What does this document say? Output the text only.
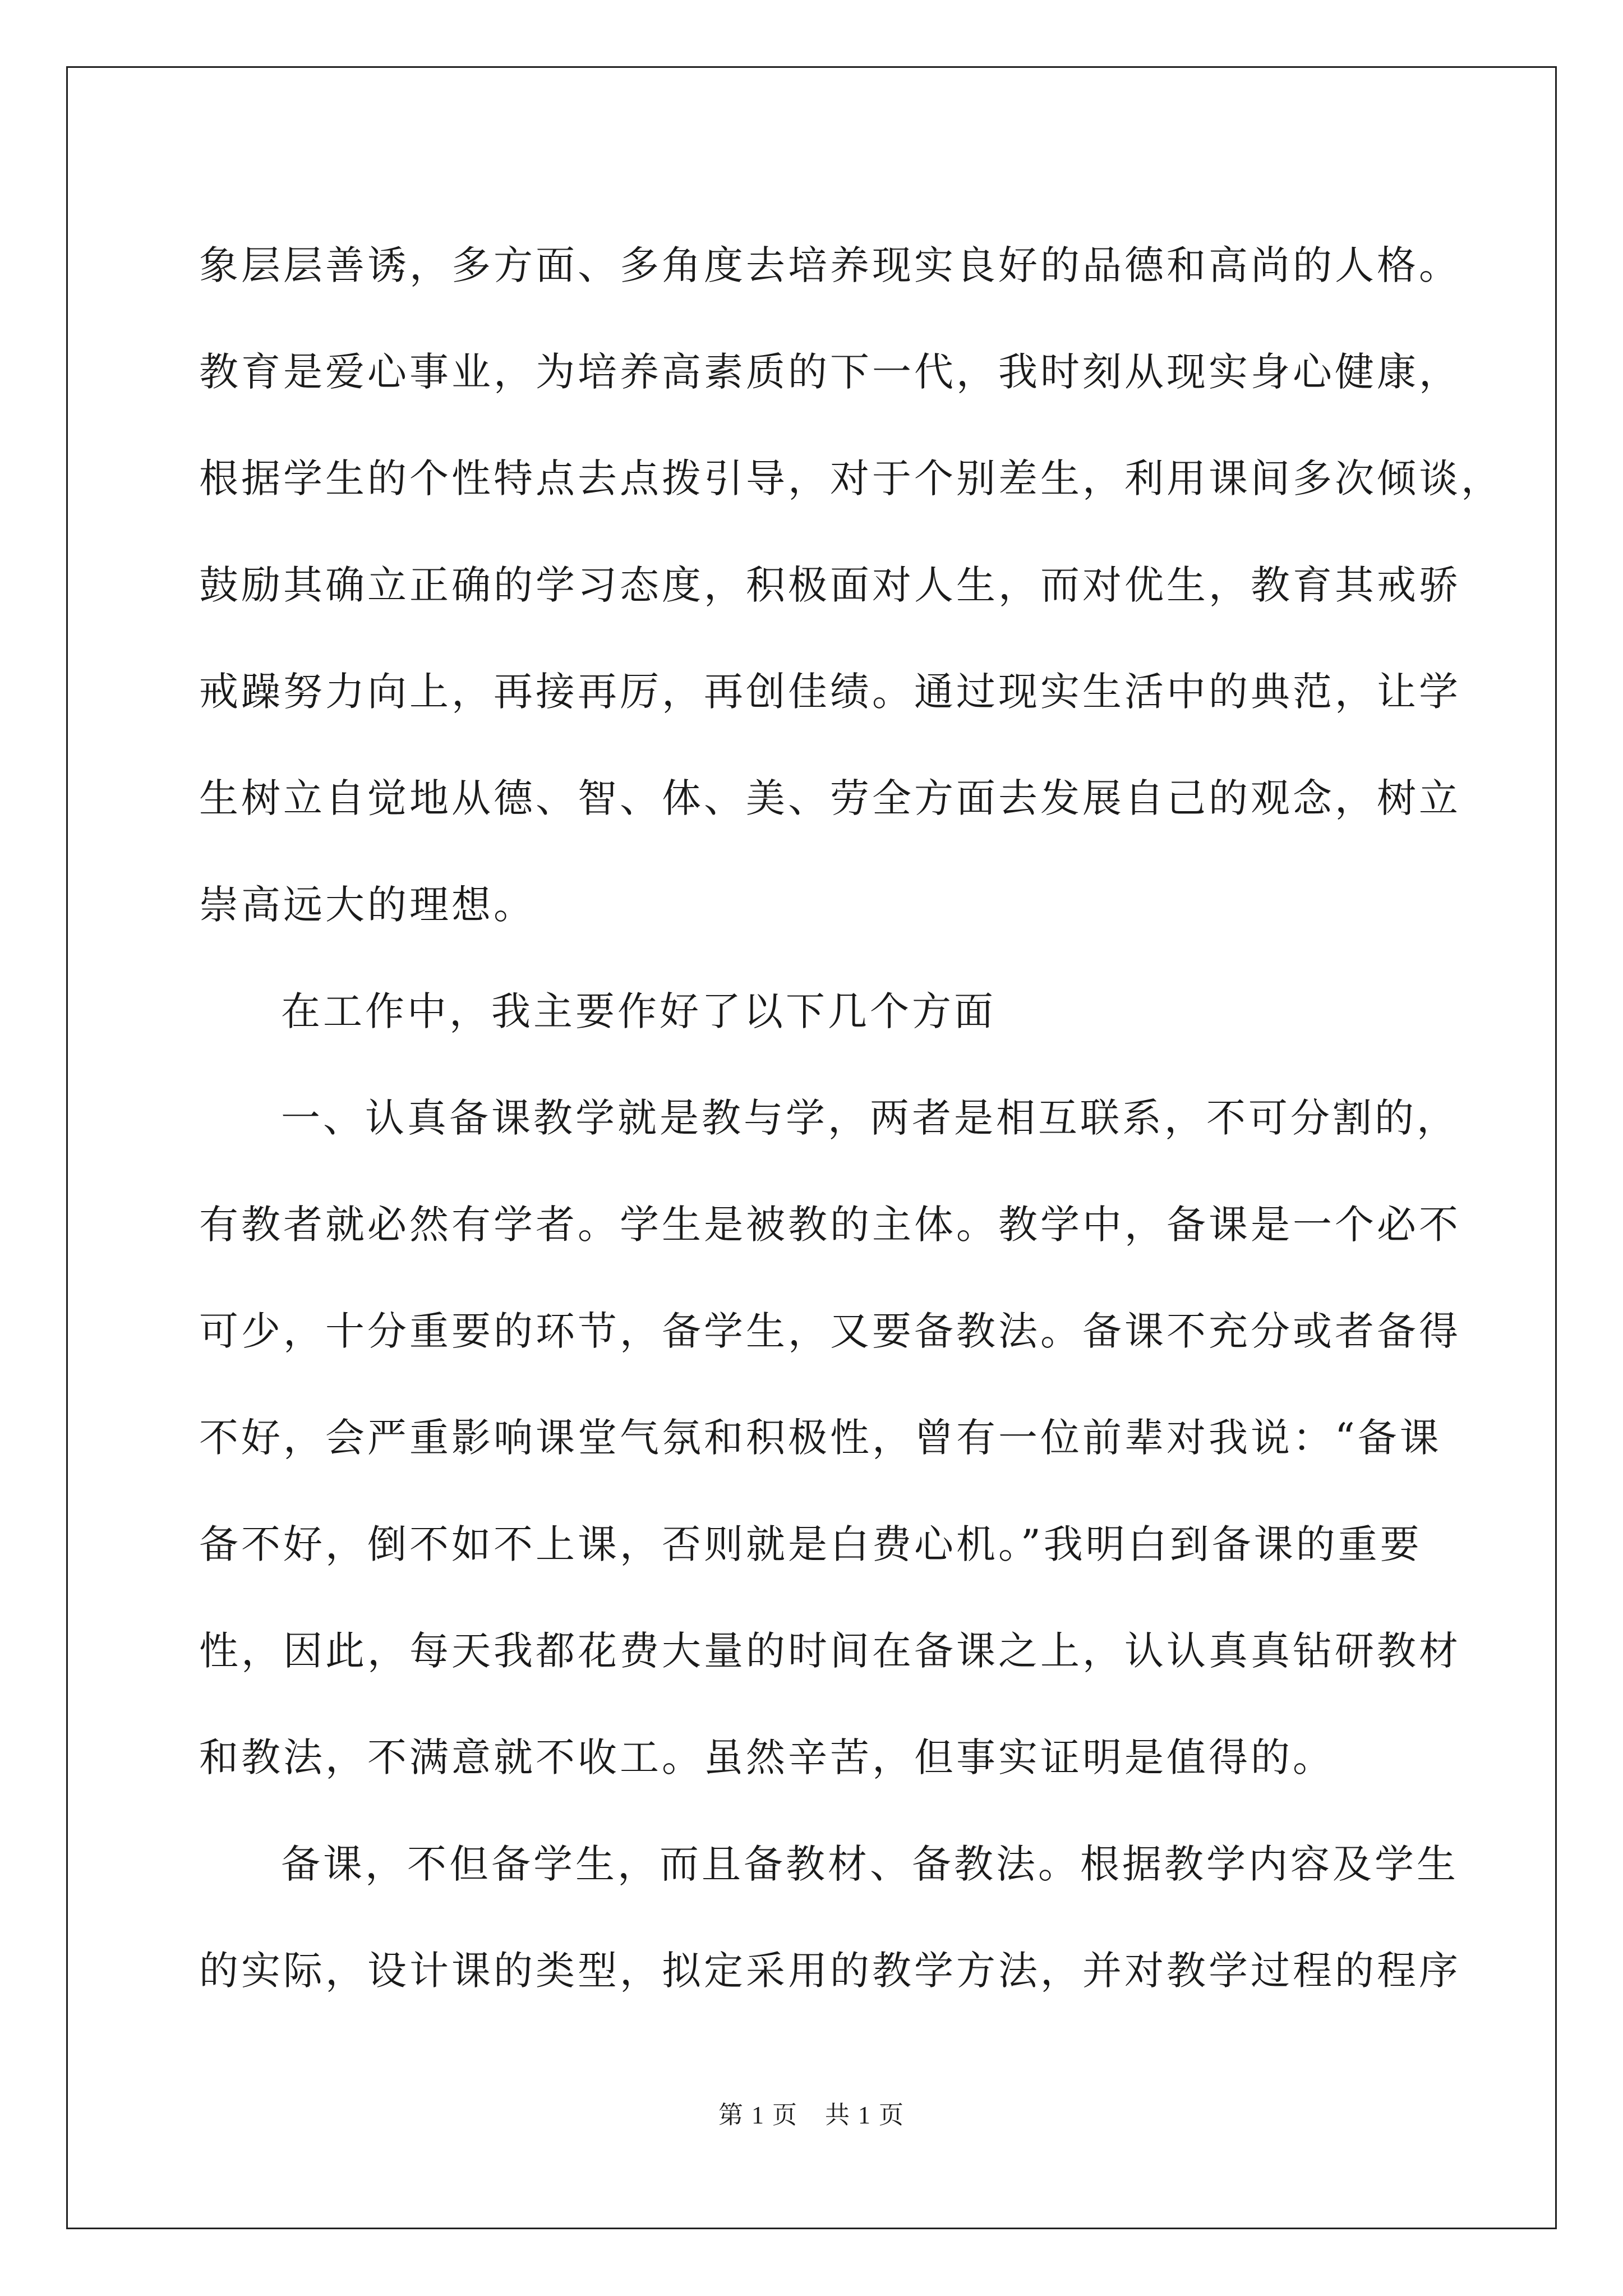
象层层善诱，多方面、多角度去培养现实良好的品德和高尚的人格。
教育是爱心事业，为培养高素质的下一代，我时刻从现实身心健康，
根据学生的个性特点去点拨引导，对于个别差生，利用课间多次倾谈，
鼓励其确立正确的学习态度，积极面对人生，而对优生，教育其戒骄
戒躁努力向上，再接再厉，再创佳绩。通过现实生活中的典范，让学
生树立自觉地从德、智、体、美、劳全方面去发展自己的观念，树立
崇高远大的理想。
在工作中，我主要作好了以下几个方面
一、认真备课教学就是教与学，两者是相互联系，不可分割的，
有教者就必然有学者。学生是被教的主体。教学中，备课是一个必不
可少，十分重要的环节，备学生，又要备教法。备课不充分或者备得
不好，会严重影响课堂气氛和积极性，曾有一位前辈对我说：“备课
备不好，倒不如不上课，否则就是白费心机。”我明白到备课的重要
性，因此，每天我都花费大量的时间在备课之上，认认真真钻研教材
和教法，不满意就不收工。虽然辛苦，但事实证明是值得的。
备课，不但备学生，而且备教材、备教法。根据教学内容及学生
的实际，设计课的类型，拟定采用的教学方法，并对教学过程的程序
第 1 页 共 1 页
